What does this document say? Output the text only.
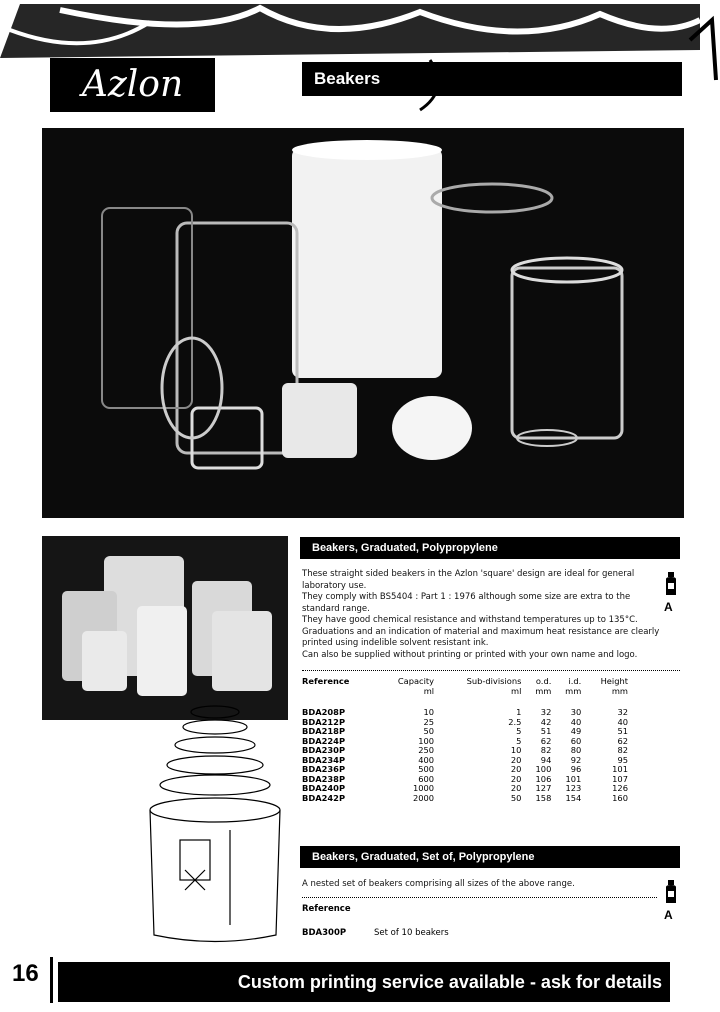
Azlon	Beakers
Beakers, Graduated, Polypropylene
These straight sided beakers in the Azlon 'square' design are ideal for general
laboratory use.
They comply with BS5404 : Part 1 : 1976 although some size are extra to the
standard range.
They have good chemical resistance and withstand temperatures up to 135°C.
Graduations and an indication of material and maximum heat resistance are clearly
printed using indelible solvent resistant ink.
Can also be supplied without printing or printed with your own name and logo.
A
Reference	Capacity	Sub-divisions	o.d.	i.d.	Height
	ml	ml	mm	mm	mm

BDA208P	10	1	32	30	32
BDA212P	25	2.5	42	40	40
BDA218P	50	5	51	49	51
BDA224P	100	5	62	60	62
BDA230P	250	10	82	80	82
BDA234P	400	20	94	92	95
BDA236P	500	20	100	96	101
BDA238P	600	20	106	101	107
BDA240P	1000	20	127	123	126
BDA242P	2000	50	158	154	160
Beakers, Graduated, Set of, Polypropylene
A nested set of beakers comprising all sizes of the above range.
A
Reference
BDA300P	Set of 10 beakers
16	Custom printing service available - ask for details
